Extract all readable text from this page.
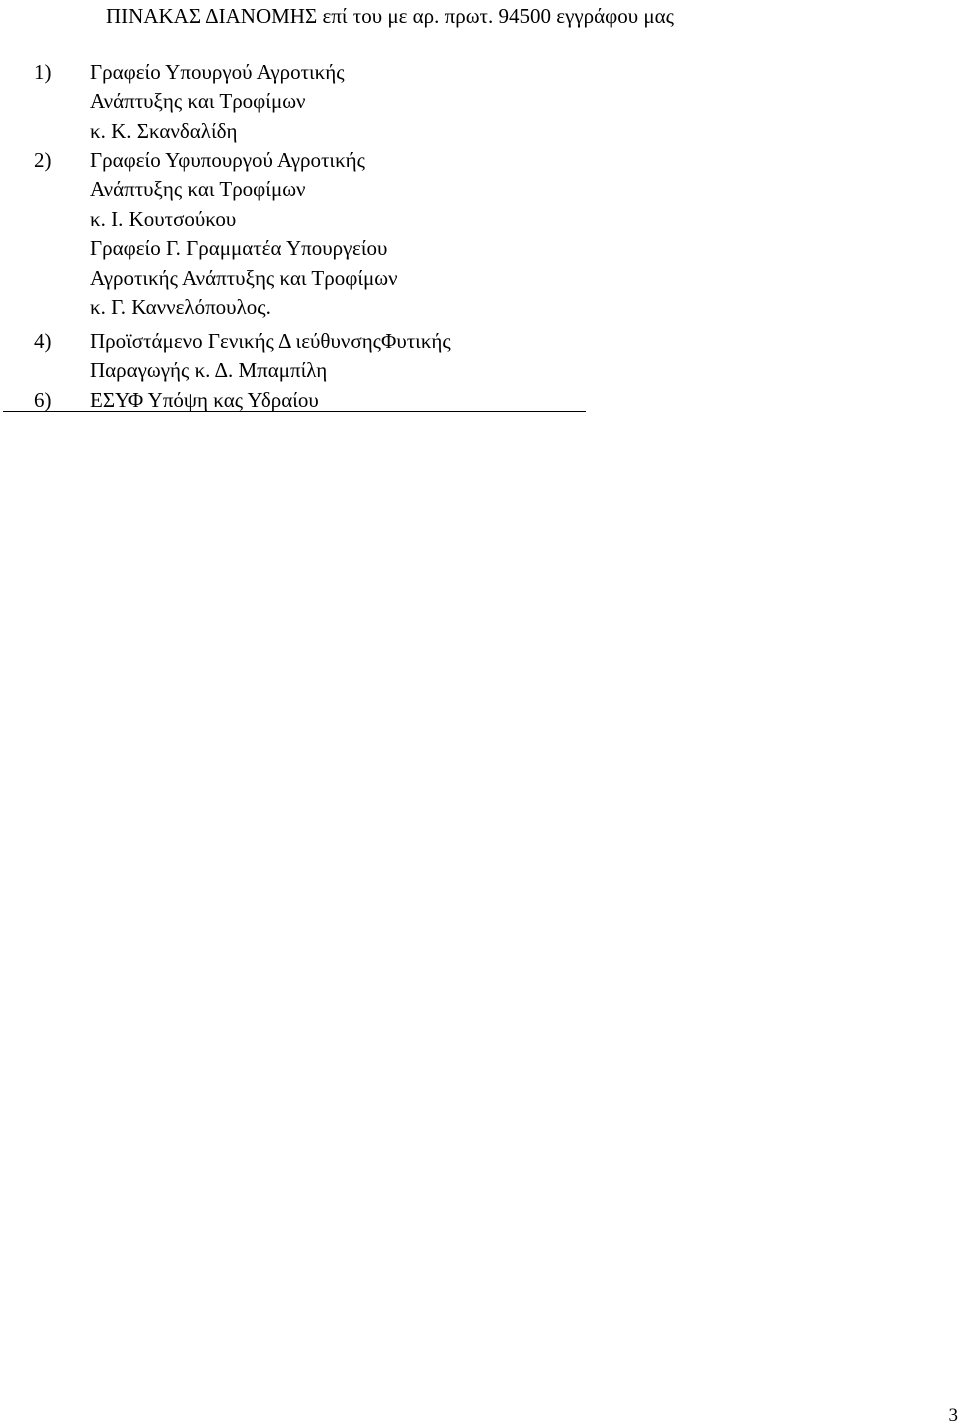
ΠΙΝΑΚΑΣ ΔΙΑΝΟΜΗΣ επί του με αρ. πρωτ. 94500 εγγράφου μας
1) Γραφείο Υπουργού Αγροτικής
Ανάπτυξης και Τροφίμων
κ. Κ. Σκανδαλίδη
2) Γραφείο Υφυπουργού Αγροτικής
Ανάπτυξης και Τροφίμων
κ. Ι. Κουτσούκου
Γραφείο Γ. Γραμματέα Υπουργείου
Αγροτικής Ανάπτυξης και Τροφίμων
κ. Γ. Καννελόπουλος.
4) Προϊστάμενο Γενικής Δ ιεύθυνσηςΦυτικής
Παραγωγής κ. Δ. Μπαμπίλη
6) ΕΣΥΦ Υπόψη κας Υδραίου
3
